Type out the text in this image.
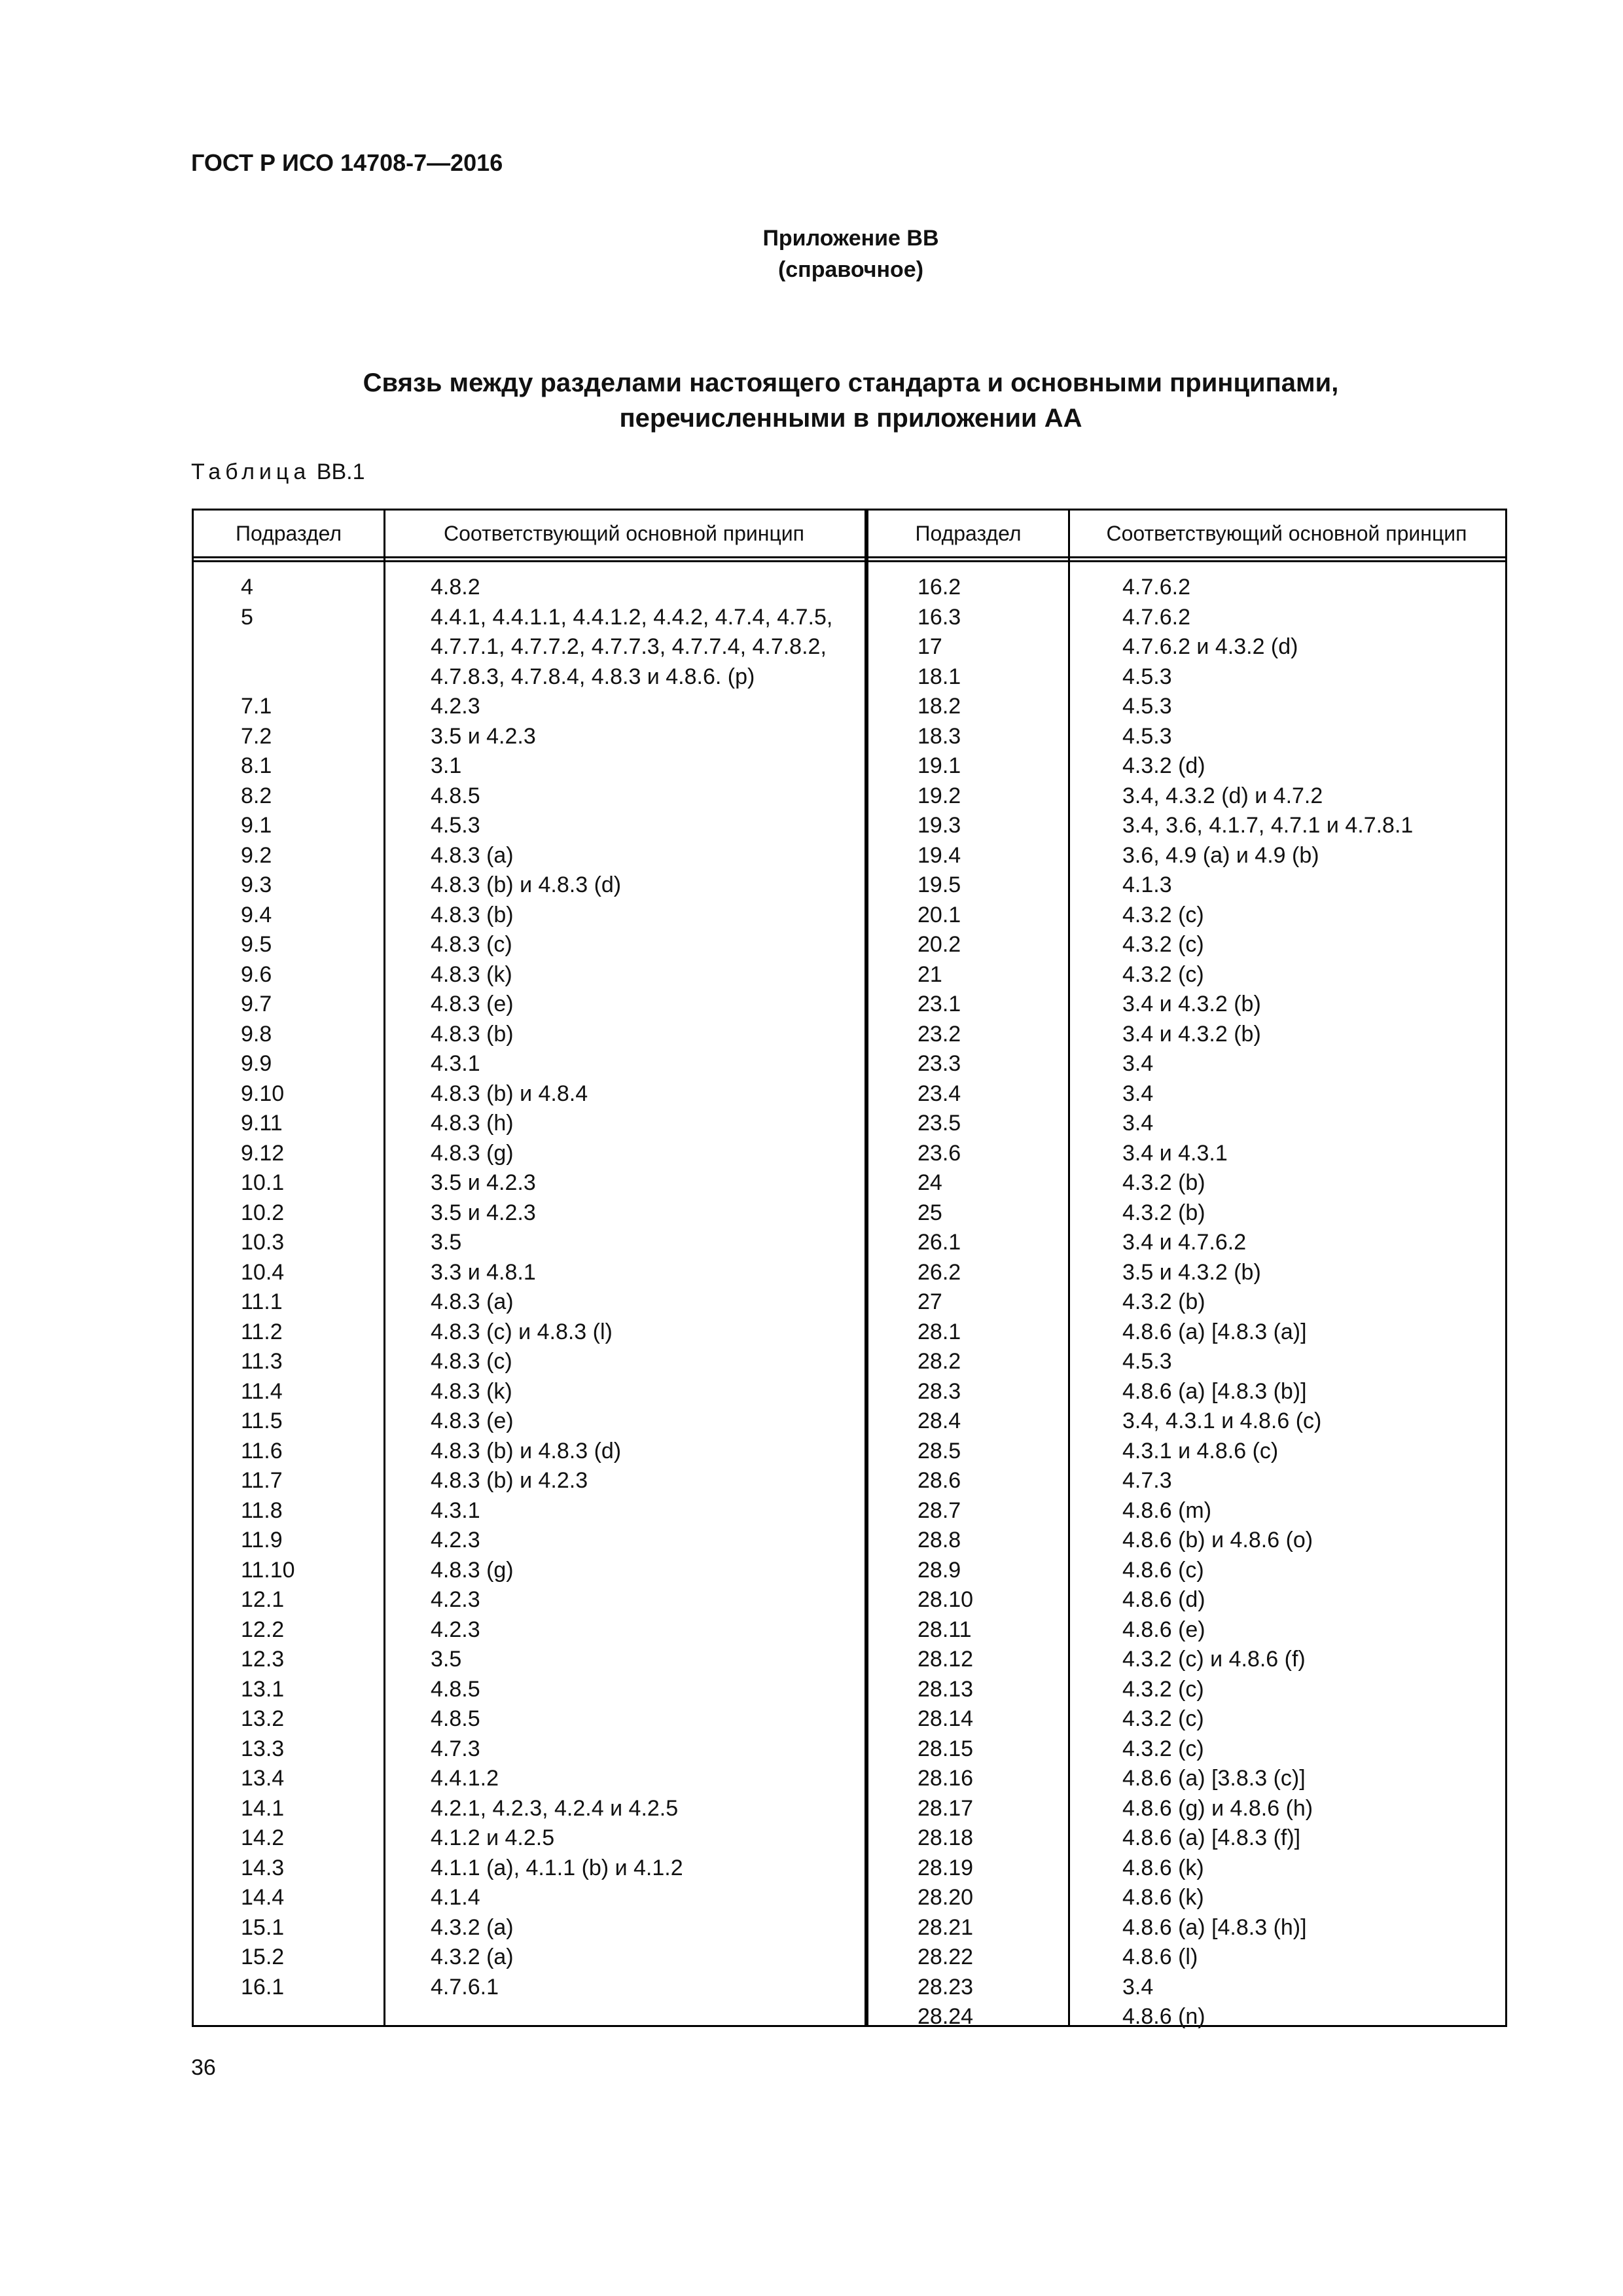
ГОСТ Р ИСО 14708-7—2016
Приложение ВВ
(справочное)
Связь между разделами настоящего стандарта и основными принципами,
перечисленными в приложении АА
Таблица ВВ.1
Подраздел	Соответствующий основной принцип	Подраздел	Соответствующий основной принцип
4	4.8.2
5	4.4.1, 4.4.1.1, 4.4.1.2, 4.4.2, 4.7.4, 4.7.5, 4.7.7.1, 4.7.7.2, 4.7.7.3, 4.7.7.4, 4.7.8.2, 4.7.8.3, 4.7.8.4, 4.8.3 и 4.8.6. (p)
7.1	4.2.3
7.2	3.5 и 4.2.3
8.1	3.1
8.2	4.8.5
9.1	4.5.3
9.2	4.8.3 (a)
9.3	4.8.3 (b) и 4.8.3 (d)
9.4	4.8.3 (b)
9.5	4.8.3 (c)
9.6	4.8.3 (k)
9.7	4.8.3 (e)
9.8	4.8.3 (b)
9.9	4.3.1
9.10	4.8.3 (b) и 4.8.4
9.11	4.8.3 (h)
9.12	4.8.3 (g)
10.1	3.5 и 4.2.3
10.2	3.5 и 4.2.3
10.3	3.5
10.4	3.3 и 4.8.1
11.1	4.8.3 (a)
11.2	4.8.3 (c) и 4.8.3 (l)
11.3	4.8.3 (c)
11.4	4.8.3 (k)
11.5	4.8.3 (e)
11.6	4.8.3 (b) и 4.8.3 (d)
11.7	4.8.3 (b) и 4.2.3
11.8	4.3.1
11.9	4.2.3
11.10	4.8.3 (g)
12.1	4.2.3
12.2	4.2.3
12.3	3.5
13.1	4.8.5
13.2	4.8.5
13.3	4.7.3
13.4	4.4.1.2
14.1	4.2.1, 4.2.3, 4.2.4 и 4.2.5
14.2	4.1.2 и 4.2.5
14.3	4.1.1 (a), 4.1.1 (b) и 4.1.2
14.4	4.1.4
15.1	4.3.2 (a)
15.2	4.3.2 (a)
16.1	4.7.6.1
16.2	4.7.6.2
16.3	4.7.6.2
17	4.7.6.2 и 4.3.2 (d)
18.1	4.5.3
18.2	4.5.3
18.3	4.5.3
19.1	4.3.2 (d)
19.2	3.4, 4.3.2 (d) и 4.7.2
19.3	3.4, 3.6, 4.1.7, 4.7.1 и 4.7.8.1
19.4	3.6, 4.9 (a) и 4.9 (b)
19.5	4.1.3
20.1	4.3.2 (c)
20.2	4.3.2 (c)
21	4.3.2 (c)
23.1	3.4 и 4.3.2 (b)
23.2	3.4 и 4.3.2 (b)
23.3	3.4
23.4	3.4
23.5	3.4
23.6	3.4 и 4.3.1
24	4.3.2 (b)
25	4.3.2 (b)
26.1	3.4 и 4.7.6.2
26.2	3.5 и 4.3.2 (b)
27	4.3.2 (b)
28.1	4.8.6 (a) [4.8.3 (a)]
28.2	4.5.3
28.3	4.8.6 (a) [4.8.3 (b)]
28.4	3.4, 4.3.1 и 4.8.6 (c)
28.5	4.3.1 и 4.8.6 (c)
28.6	4.7.3
28.7	4.8.6 (m)
28.8	4.8.6 (b) и 4.8.6 (o)
28.9	4.8.6 (c)
28.10	4.8.6 (d)
28.11	4.8.6 (e)
28.12	4.3.2 (c) и 4.8.6 (f)
28.13	4.3.2 (c)
28.14	4.3.2 (c)
28.15	4.3.2 (c)
28.16	4.8.6 (a) [3.8.3 (c)]
28.17	4.8.6 (g) и 4.8.6 (h)
28.18	4.8.6 (a) [4.8.3 (f)]
28.19	4.8.6 (k)
28.20	4.8.6 (k)
28.21	4.8.6 (a) [4.8.3 (h)]
28.22	4.8.6 (l)
28.23	3.4
28.24	4.8.6 (n)
36
